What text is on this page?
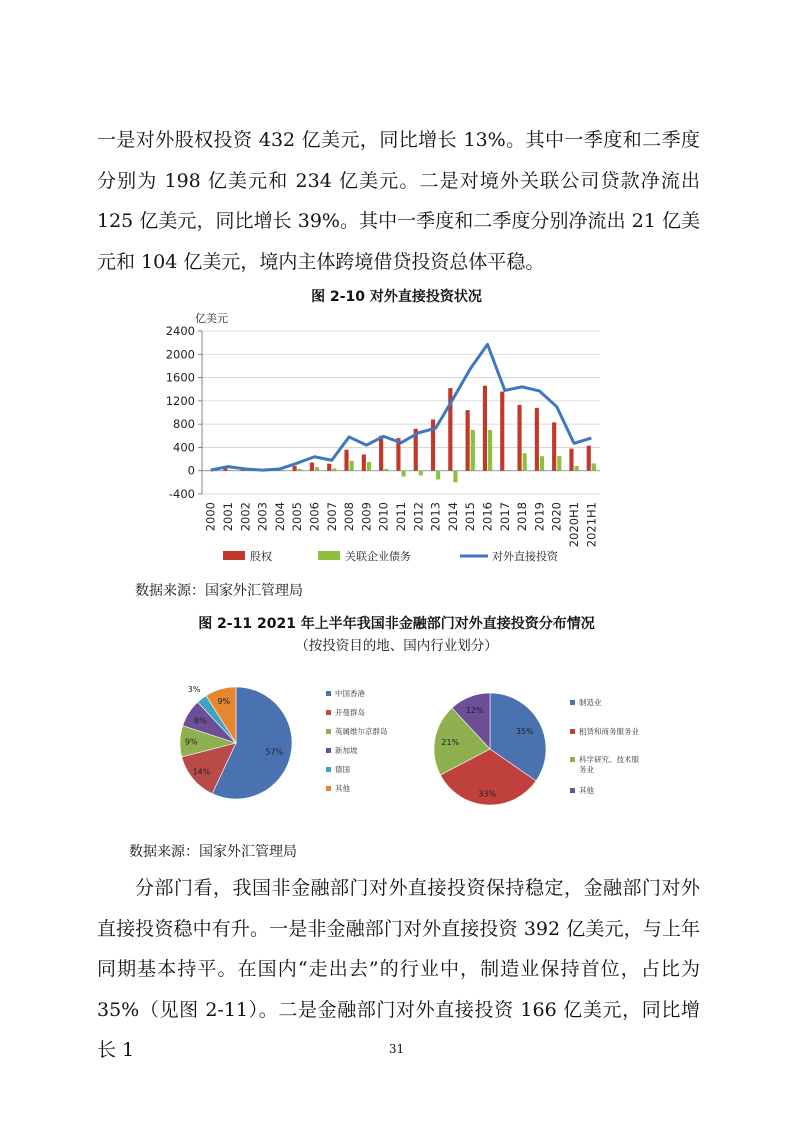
一是对外股权投资 432 亿美元，同比增长 13%。其中一季度和二季度分别为 198 亿美元和 234 亿美元。二是对境外关联公司贷款净流出 125 亿美元，同比增长 39%。其中一季度和二季度分别净流出 21 亿美元和 104 亿美元，境内主体跨境借贷投资总体平稳。

图 2-10 对外直接投资状况

亿美元
2400
2000
1600
1200
800
400
0
-400
2000 2001 2002 2003 2004 2005 2006 2007 2008 2009 2010 2011 2012 2013 2014 2015 2016 2017 2018 2019 2020 2020H1 2021H1
股权	关联企业债务	对外直接投资

数据来源：国家外汇管理局

图 2-11 2021 年上半年我国非金融部门对外直接投资分布情况

（按投资目的地、国内行业划分）

57%
14%
9%
8%
3%
9%
中国香港
开曼群岛
英属维尔京群岛
新加坡
德国
其他
35%
33%
21%
12%
制造业
租赁和商务服务业
科学研究、技术服
务业
其他

数据来源：国家外汇管理局

分部门看，我国非金融部门对外直接投资保持稳定，金融部门对外直接投资稳中有升。一是非金融部门对外直接投资 392 亿美元，与上年同期基本持平。在国内“走出去”的行业中，制造业保持首位，占比为 35%（见图 2-11）。二是金融部门对外直接投资 166 亿美元，同比增长 1	31
